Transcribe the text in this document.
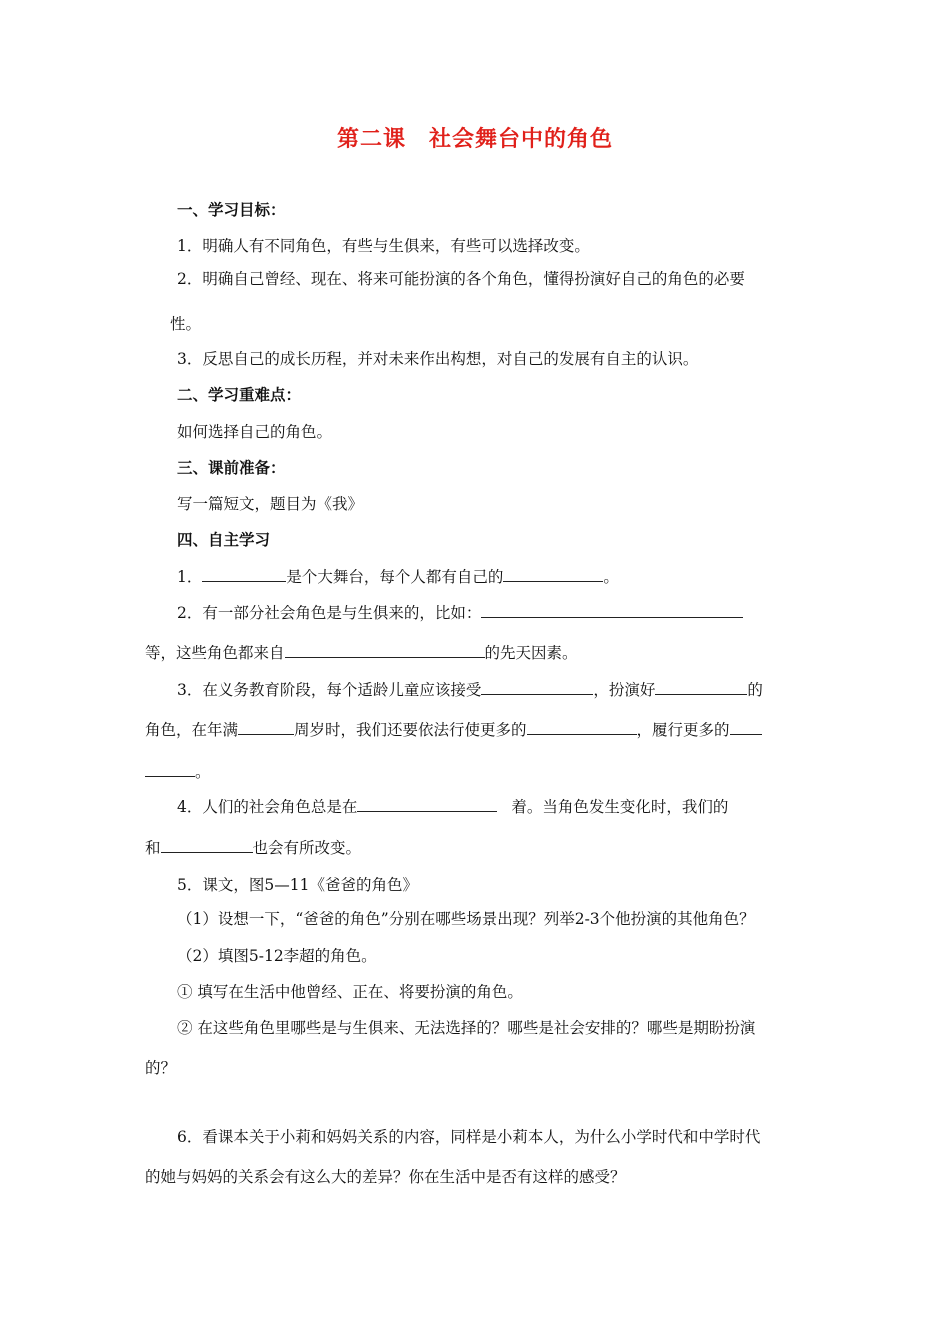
第二课　社会舞台中的角色
一、学习目标：
1．明确人有不同角色，有些与生俱来，有些可以选择改变。
2．明确自己曾经、现在、将来可能扮演的各个角色，懂得扮演好自己的角色的必要
性。
3．反思自己的成长历程，并对未来作出构想，对自己的发展有自主的认识。
二、学习重难点：
如何选择自己的角色。
三、课前准备：
写一篇短文，题目为《我》
四、自主学习
1．	是个大舞台，每个人都有自己的	。
2．有一部分社会角色是与生俱来的，比如：
等，这些角色都来自	的先天因素。
3．在义务教育阶段，每个适龄儿童应该接受	，扮演好	的
角色，在年满	周岁时，我们还要依法行使更多的	，履行更多的
。
4．人们的社会角色总是在	着。当角色发生变化时，我们的
和	也会有所改变。
5．课文，图5—11《爸爸的角色》
（1）设想一下，“爸爸的角色”分别在哪些场景出现？列举2-3个他扮演的其他角色？
（2）填图5-12李超的角色。
① 填写在生活中他曾经、正在、将要扮演的角色。
② 在这些角色里哪些是与生俱来、无法选择的？哪些是社会安排的？哪些是期盼扮演
的？
6．看课本关于小莉和妈妈关系的内容，同样是小莉本人，为什么小学时代和中学时代
的她与妈妈的关系会有这么大的差异？你在生活中是否有这样的感受？
